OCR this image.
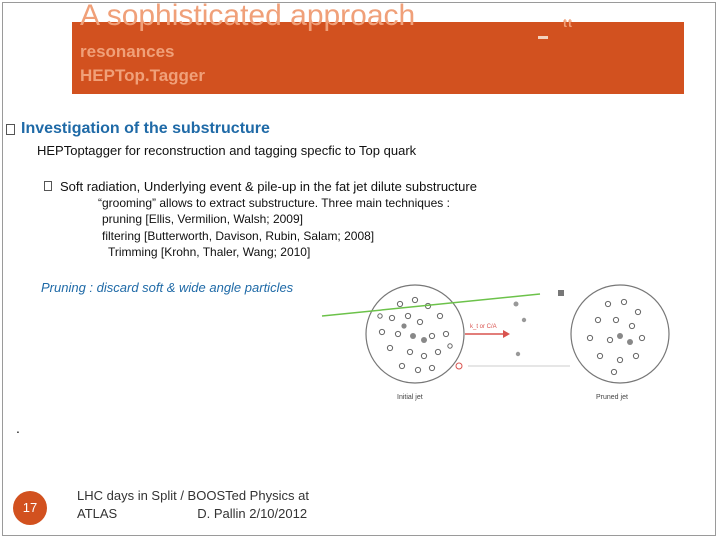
A sophisticated approach	tt
resonances
HEPTop.Tagger
Investigation of the substructure
HEPToptagger for reconstruction and tagging specfic to Top quark
Soft radiation, Underlying event & pile-up in the fat jet dilute substructure
“grooming” allows to extract substructure. Three main techniques :
pruning [Ellis, Vermilion, Walsh; 2009]
filtering [Butterworth, Davison, Rubin, Salam; 2008]
Trimming [Krohn, Thaler, Wang; 2010]
Pruning : discard soft & wide angle particles
Initial jet
k_t or C/A
Pruned jet
.
17
LHC days in Split / BOOSTed Physics at
ATLAS	D. Pallin 2/10/2012
